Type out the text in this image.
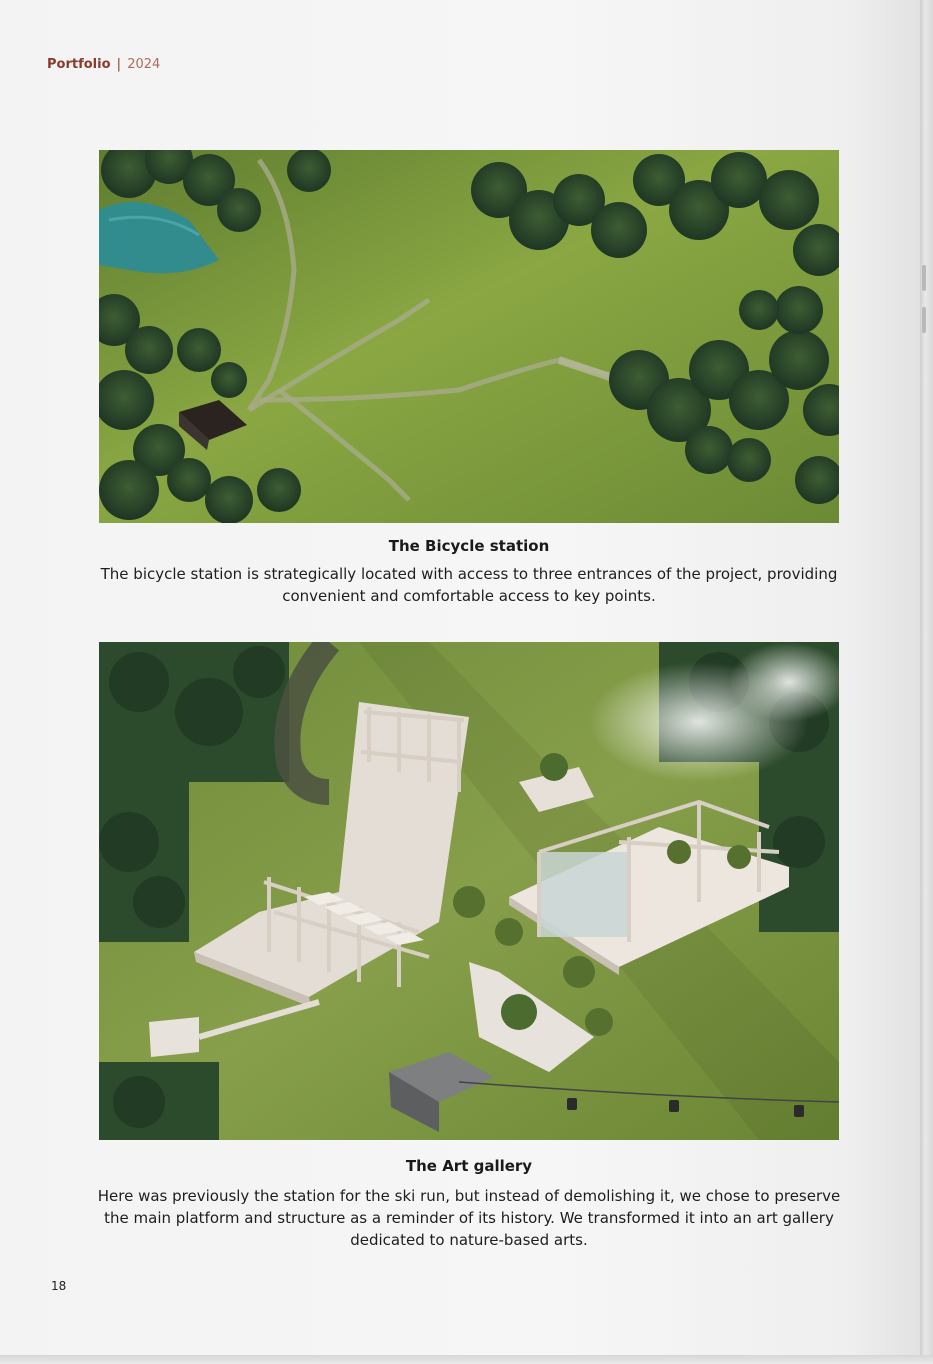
Portfolio | 2024
The Bicycle station
The bicycle station is strategically located with access to three entrances of the project, providing convenient and comfortable access to key points.
The Art gallery
Here was previously the station for the ski run, but instead of demolishing it, we chose to preserve the main platform and structure as a reminder of its history. We transformed it into an art gallery dedicated to nature-based arts.
18
